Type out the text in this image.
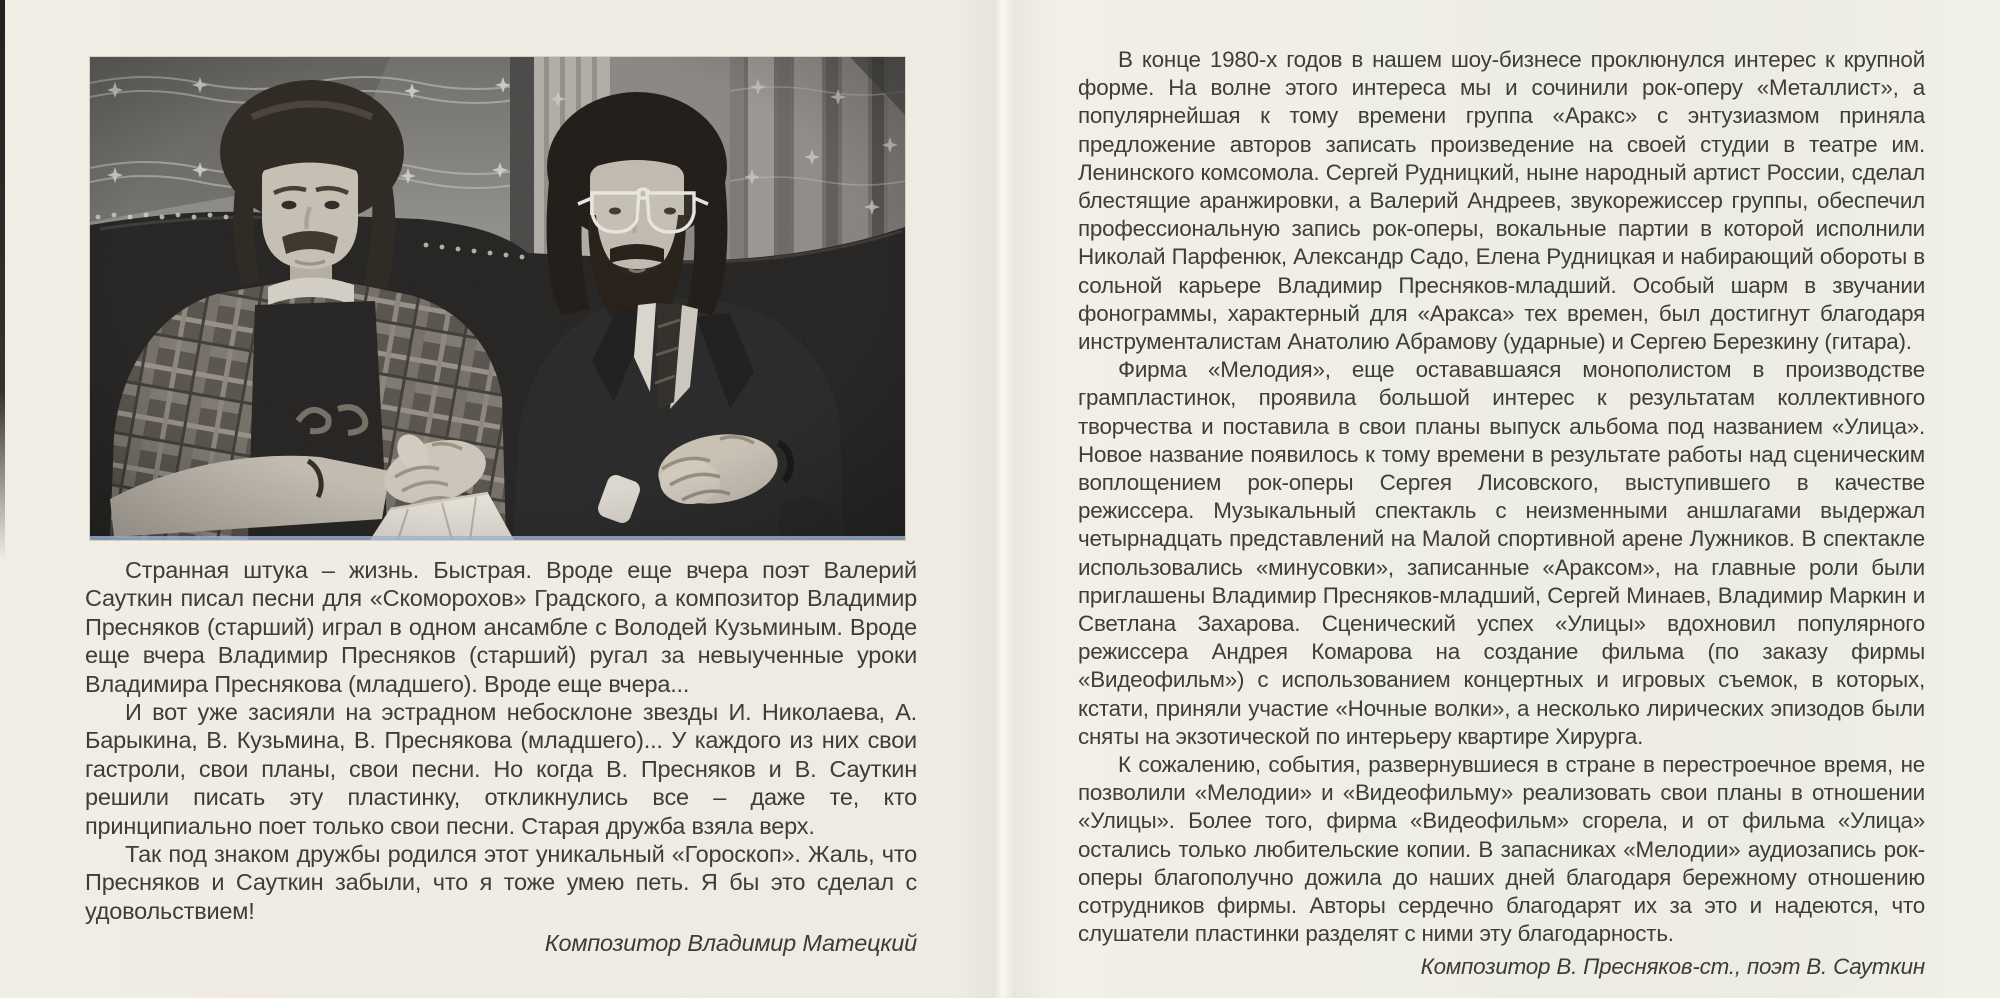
Странная штука – жизнь. Быстрая. Вроде еще вчера поэт Валерий Сауткин писал песни для «Скоморохов» Градского, а композитор Владимир Пресняков (старший) играл в одном ансамбле с Володей Кузьминым. Вроде еще вчера Владимир Пресняков (старший) ругал за невыученные уроки Владимира Преснякова (младшего). Вроде еще вчера...

И вот уже засияли на эстрадном небосклоне звезды И. Николаева, А. Барыкина, В. Кузьмина, В. Преснякова (младшего)... У каждого из них свои гастроли, свои планы, свои песни. Но когда В. Пресняков и В. Сауткин решили писать эту пластинку, откликнулись все – даже те, кто принципиально поет только свои песни. Старая дружба взяла верх.

Так под знаком дружбы родился этот уникальный «Гороскоп». Жаль, что Пресняков и Сауткин забыли, что я тоже умею петь. Я бы это сделал с удовольствием!

Композитор Владимир Матецкий

В конце 1980-х годов в нашем шоу-бизнесе проклюнулся интерес к крупной форме. На волне этого интереса мы и сочинили рок-оперу «Металлист», а популярнейшая к тому времени группа «Аракс» с энтузиазмом приняла предложение авторов записать произведение на своей студии в театре им. Ленинского комсомола. Сергей Рудницкий, ныне народный артист России, сделал блестящие аранжировки, а Валерий Андреев, звукорежиссер группы, обеспечил профессиональную запись рок-оперы, вокальные партии в которой исполнили Николай Парфенюк, Александр Садо, Елена Рудницкая и набирающий обороты в сольной карьере Владимир Пресняков-младший. Особый шарм в звучании фонограммы, характерный для «Аракса» тех времен, был достигнут благодаря инструменталистам Анатолию Абрамову (ударные) и Сергею Березкину (гитара).

Фирма «Мелодия», еще остававшаяся монополистом в производстве грампластинок, проявила большой интерес к результатам коллективного творчества и поставила в свои планы выпуск альбома под названием «Улица». Новое название появилось к тому времени в результате работы над сценическим воплощением рок-оперы Сергея Лисовского, выступившего в качестве режиссера. Музыкальный спектакль с неизменными аншлагами выдержал четырнадцать представлений на Малой спортивной арене Лужников. В спектакле использовались «минусовки», записанные «Араксом», на главные роли были приглашены Владимир Пресняков-младший, Сергей Минаев, Владимир Маркин и Светлана Захарова. Сценический успех «Улицы» вдохновил популярного режиссера Андрея Комарова на создание фильма (по заказу фирмы «Видеофильм») с использованием концертных и игровых съемок, в которых, кстати, приняли участие «Ночные волки», а несколько лирических эпизодов были сняты на экзотической по интерьеру квартире Хирурга.

К сожалению, события, развернувшиеся в стране в перестроечное время, не позволили «Мелодии» и «Видеофильму» реализовать свои планы в отношении «Улицы». Более того, фирма «Видеофильм» сгорела, и от фильма «Улица» остались только любительские копии. В запасниках «Мелодии» аудиозапись рок-оперы благополучно дожила до наших дней благодаря бережному отношению сотрудников фирмы. Авторы сердечно благодарят их за это и надеются, что слушатели пластинки разделят с ними эту благодарность.

Композитор В. Пресняков-ст., поэт В. Сауткин
